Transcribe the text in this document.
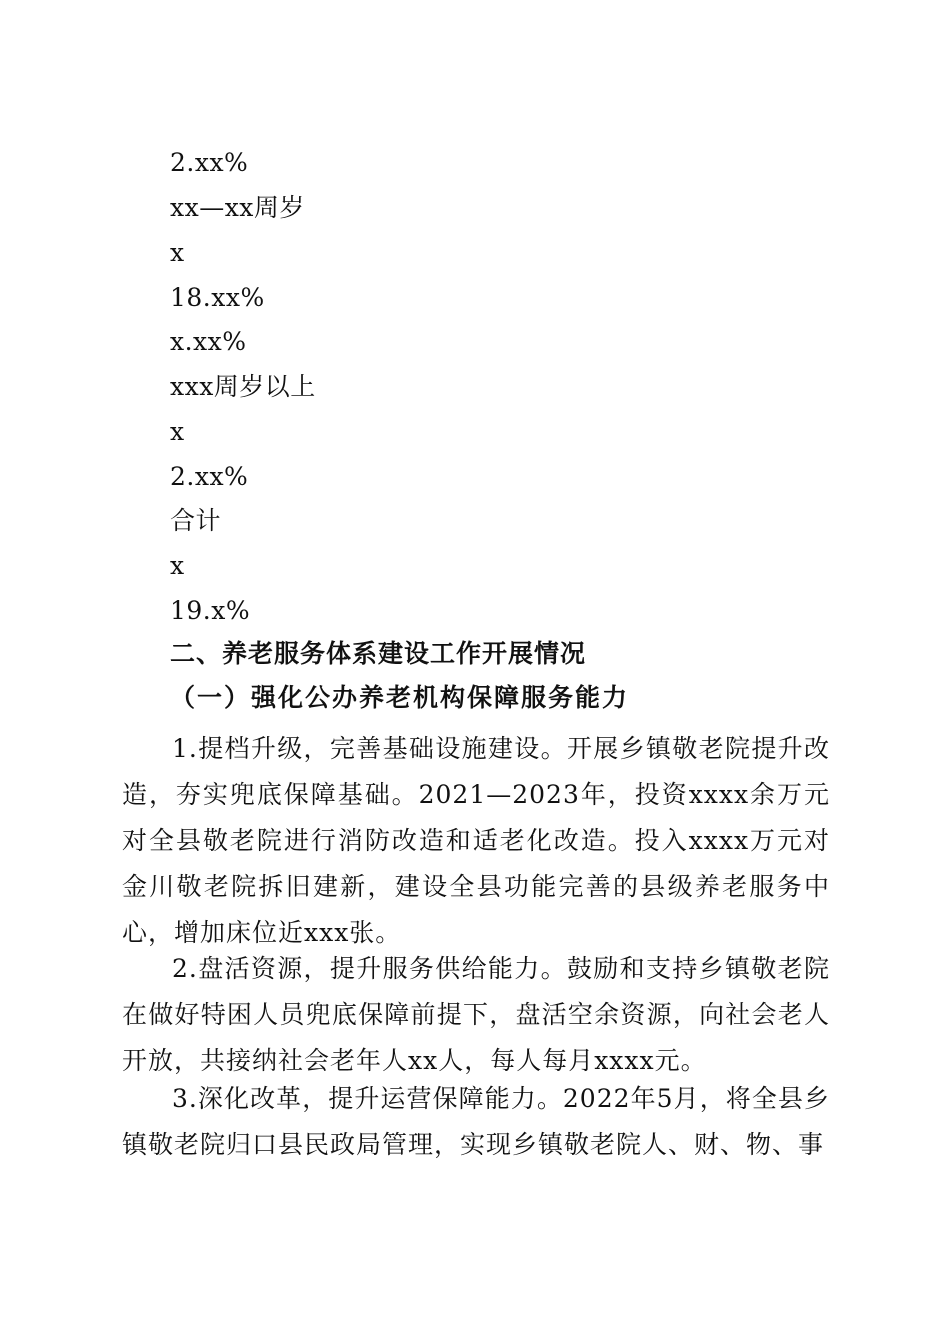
2.xx%
xx—xx周岁
x
18.xx%
x.xx%
xxx周岁以上
x
2.xx%
合计
x
19.x%
二、养老服务体系建设工作开展情况
（一）强化公办养老机构保障服务能力

1.提档升级，完善基础设施建设。开展乡镇敬老院提升改造，夯实兜底保障基础。2021—2023年，投资xxxx余万元对全县敬老院进行消防改造和适老化改造。投入xxxx万元对金川敬老院拆旧建新，建设全县功能完善的县级养老服务中心，增加床位近xxx张。

2.盘活资源，提升服务供给能力。鼓励和支持乡镇敬老院在做好特困人员兜底保障前提下，盘活空余资源，向社会老人开放，共接纳社会老年人xx人，每人每月xxxx元。

3.深化改革，提升运营保障能力。2022年5月，将全县乡镇敬老院归口县民政局管理，实现乡镇敬老院人、财、物、事
